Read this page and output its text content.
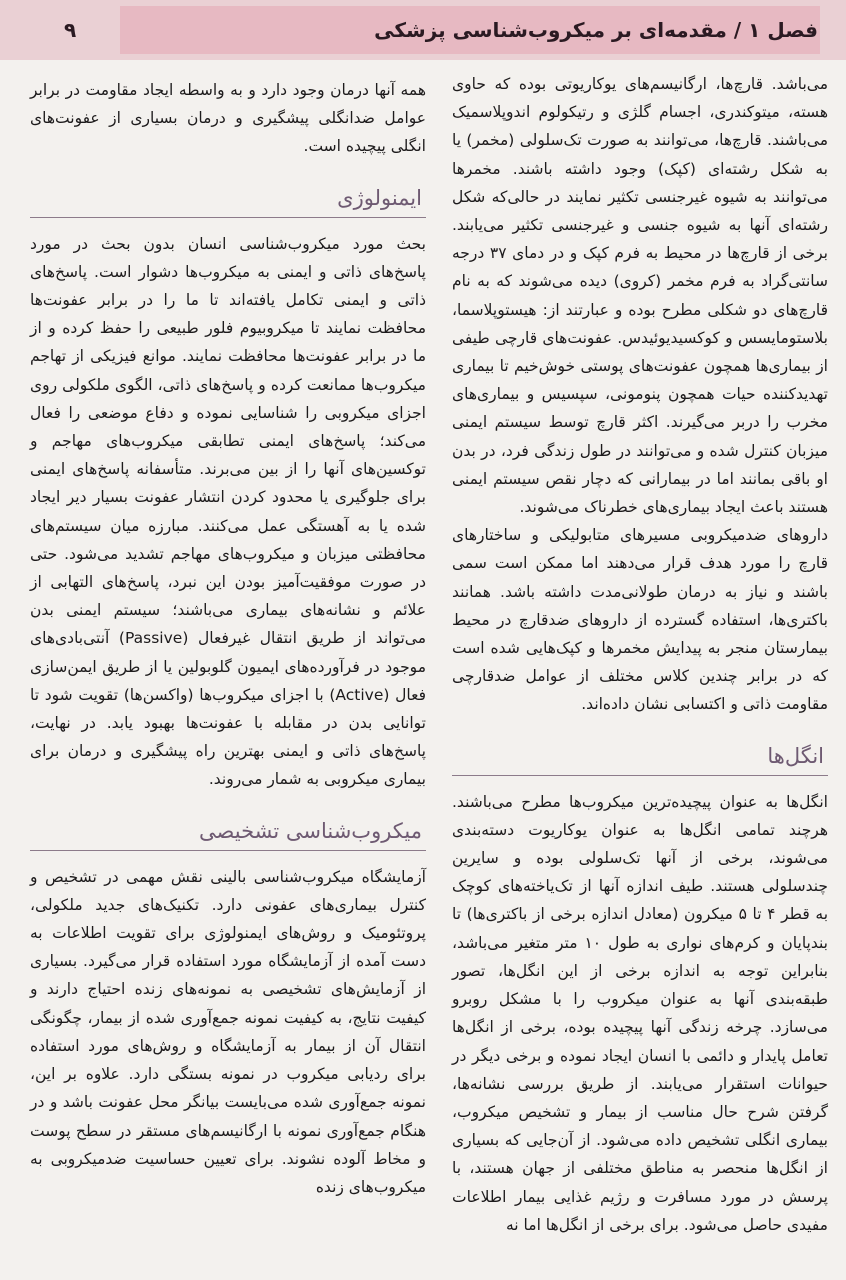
فصل ۱ / مقدمه‌ای بر میکروب‌شناسی پزشکی
۹

می‌باشد. قارچ‌ها، ارگانیسم‌های یوکاریوتی بوده که حاوی هسته، میتوکندری، اجسام گلژی و رتیکولوم اندوپلاسمیک می‌باشند. قارچ‌ها، می‌توانند به صورت تک‌سلولی (مخمر) یا به شکل رشته‌ای (کپک) وجود داشته باشند. مخمرها می‌توانند به شیوه غیرجنسی تکثیر نمایند در حالی‌که شکل رشته‌ای آنها به شیوه جنسی و غیرجنسی تکثیر می‌یابند. برخی از قارچ‌ها در محیط به فرم کپک و در دمای ۳۷ درجه سانتی‌گراد به فرم مخمر (کروی) دیده می‌شوند که به نام قارچ‌های دو شکلی مطرح بوده و عبارتند از: هیستوپلاسما، بلاستومایسس و کوکسیدیوئیدس. عفونت‌های قارچی طیفی از بیماری‌ها همچون عفونت‌های پوستی خوش‌خیم تا بیماری تهدیدکننده حیات همچون پنومونی، سپسیس و بیماری‌های مخرب را دربر می‌گیرند. اکثر قارچ توسط سیستم ایمنی میزبان کنترل شده و می‌توانند در طول زندگی فرد، در بدن او باقی بمانند اما در بیمارانی که دچار نقص سیستم ایمنی هستند باعث ایجاد بیماری‌های خطرناک می‌شوند.

داروهای ضدمیکروبی مسیرهای متابولیکی و ساختارهای قارچ را مورد هدف قرار می‌دهند اما ممکن است سمی باشند و نیاز به درمان طولانی‌مدت داشته باشد. همانند باکتری‌ها، استفاده گسترده از داروهای ضدقارچ در محیط بیمارستان منجر به پیدایش مخمرها و کپک‌هایی شده است که در برابر چندین کلاس مختلف از عوامل ضدقارچی مقاومت ذاتی و اکتسابی نشان داده‌اند.

انگل‌ها

انگل‌ها به عنوان پیچیده‌ترین میکروب‌ها مطرح می‌باشند. هرچند تمامی انگل‌ها به عنوان یوکاریوت دسته‌بندی می‌شوند، برخی از آنها تک‌سلولی بوده و سایرین چندسلولی هستند. طیف اندازه آنها از تک‌یاخته‌های کوچک به قطر ۴ تا ۵ میکرون (معادل اندازه برخی از باکتری‌ها) تا بندپایان و کرم‌های نواری به طول ۱۰ متر متغیر می‌باشد، بنابراین توجه به اندازه برخی از این انگل‌ها، تصور طبقه‌بندی آنها به عنوان میکروب را با مشکل روبرو می‌سازد. چرخه زندگی آنها پیچیده بوده، برخی از انگل‌ها تعامل پایدار و دائمی با انسان ایجاد نموده و برخی دیگر در حیوانات استقرار می‌یابند. از طریق بررسی نشانه‌ها، گرفتن شرح حال مناسب از بیمار و تشخیص میکروب، بیماری انگلی تشخیص داده می‌شود. از آن‌جایی که بسیاری از انگل‌ها منحصر به مناطق مختلفی از جهان هستند، با پرسش در مورد مسافرت و رژیم غذایی بیمار اطلاعات مفیدی حاصل می‌شود. برای برخی از انگل‌ها اما نه

همه آنها درمان وجود دارد و به واسطه ایجاد مقاومت در برابر عوامل ضدانگلی پیشگیری و درمان بسیاری از عفونت‌های انگلی پیچیده است.

ایمنولوژی

بحث مورد میکروب‌شناسی انسان بدون بحث در مورد پاسخ‌های ذاتی و ایمنی به میکروب‌ها دشوار است. پاسخ‌های ذاتی و ایمنی تکامل یافته‌اند تا ما را در برابر عفونت‌ها محافظت نمایند تا میکروبیوم فلور طبیعی را حفظ کرده و از ما در برابر عفونت‌ها محافظت نمایند. موانع فیزیکی از تهاجم میکروب‌ها ممانعت کرده و پاسخ‌های ذاتی، الگوی ملکولی روی اجزای میکروبی را شناسایی نموده و دفاع موضعی را فعال می‌کند؛ پاسخ‌های ایمنی تطابقی میکروب‌های مهاجم و توکسین‌های آنها را از بین می‌برند. متأسفانه پاسخ‌های ایمنی برای جلوگیری یا محدود کردن انتشار عفونت بسیار دیر ایجاد شده یا به آهستگی عمل می‌کنند. مبارزه میان سیستم‌های محافظتی میزبان و میکروب‌های مهاجم تشدید می‌شود. حتی در صورت موفقیت‌آمیز بودن این نبرد، پاسخ‌های التهابی از علائم و نشانه‌های بیماری می‌باشند؛ سیستم ایمنی بدن می‌تواند از طریق انتقال غیرفعال (Passive) آنتی‌بادی‌های موجود در فرآورده‌های ایمیون گلوبولین یا از طریق ایمن‌سازی فعال (Active) با اجزای میکروب‌ها (واکسن‌ها) تقویت شود تا توانایی بدن در مقابله با عفونت‌ها بهبود یابد. در نهایت، پاسخ‌های ذاتی و ایمنی بهترین راه پیشگیری و درمان برای بیماری میکروبی به شمار می‌روند.

میکروب‌شناسی تشخیصی

آزمایشگاه میکروب‌شناسی بالینی نقش مهمی در تشخیص و کنترل بیماری‌های عفونی دارد. تکنیک‌های جدید ملکولی، پروتئومیک و روش‌های ایمنولوژی برای تقویت اطلاعات به دست آمده از آزمایشگاه مورد استفاده قرار می‌گیرد. بسیاری از آزمایش‌های تشخیصی به نمونه‌های زنده احتیاج دارند و کیفیت نتایج، به کیفیت نمونه جمع‌آوری شده از بیمار، چگونگی انتقال آن از بیمار به آزمایشگاه و روش‌های مورد استفاده برای ردیابی میکروب در نمونه بستگی دارد. علاوه بر این، نمونه جمع‌آوری شده می‌بایست بیانگر محل عفونت باشد و در هنگام جمع‌آوری نمونه با ارگانیسم‌های مستقر در سطح پوست و مخاط آلوده نشوند. برای تعیین حساسیت ضدمیکروبی به میکروب‌های زنده
